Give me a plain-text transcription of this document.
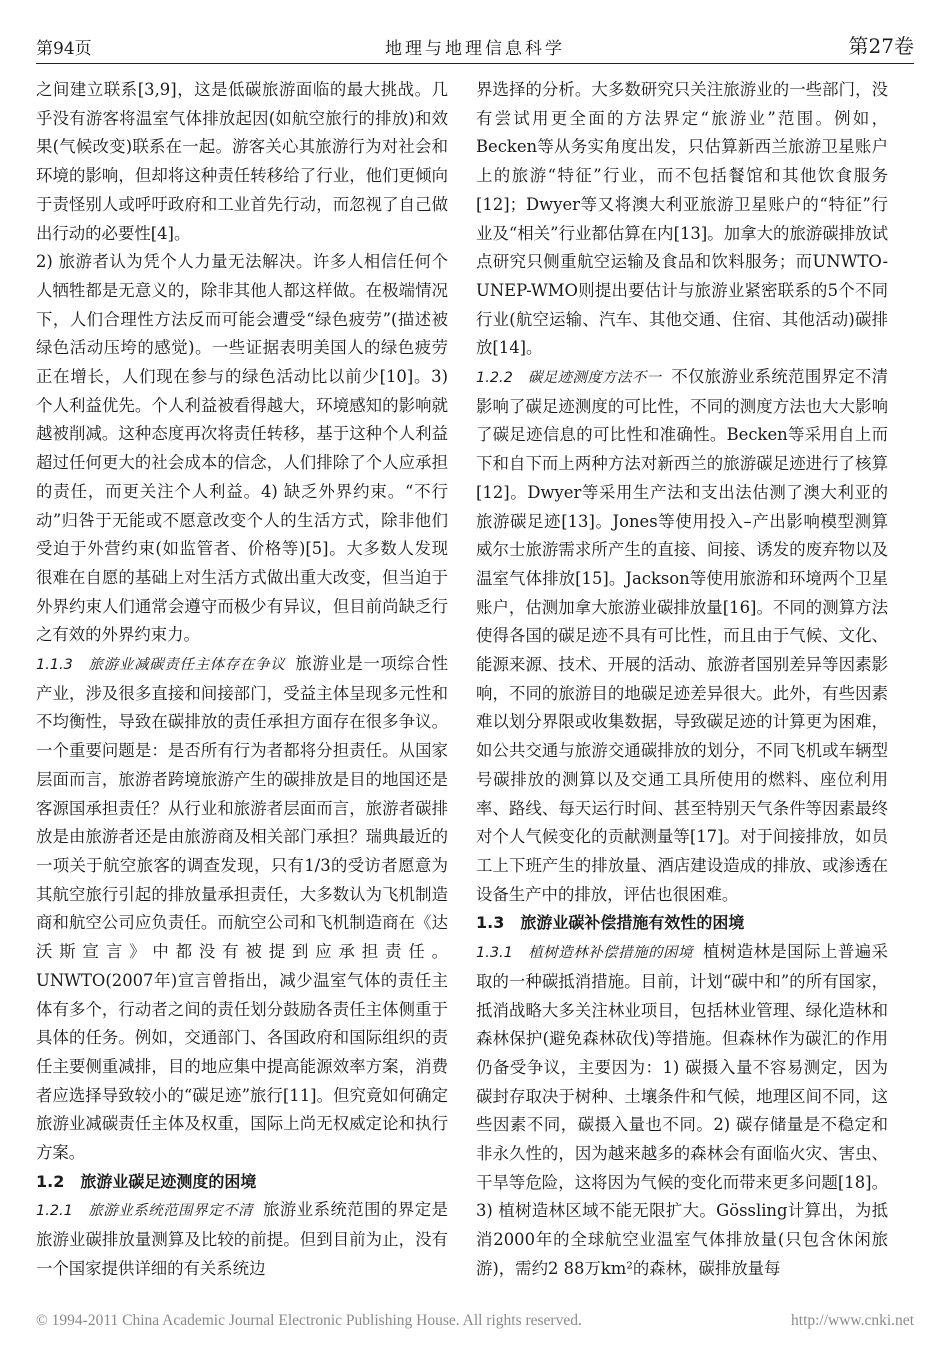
第94页	地理与地理信息科学	第27卷

之间建立联系[3,9]，这是低碳旅游面临的最大挑战。几乎没有游客将温室气体排放起因(如航空旅行的排放)和效果(气候改变)联系在一起。游客关心其旅游行为对社会和环境的影响，但却将这种责任转移给了行业，他们更倾向于责怪别人或呼吁政府和工业首先行动，而忽视了自己做出行动的必要性[4]。

2) 旅游者认为凭个人力量无法解决。许多人相信任何个人牺牲都是无意义的，除非其他人都这样做。在极端情况下，人们合理性方法反而可能会遭受“绿色疲劳”(描述被绿色活动压垮的感觉)。一些证据表明美国人的绿色疲劳正在增长，人们现在参与的绿色活动比以前少[10]。3) 个人利益优先。个人利益被看得越大，环境感知的影响就越被削减。这种态度再次将责任转移，基于这种个人利益超过任何更大的社会成本的信念，人们排除了个人应承担的责任，而更关注个人利益。4) 缺乏外界约束。“不行动”归咎于无能或不愿意改变个人的生活方式，除非他们受迫于外营约束(如监管者、价格等)[5]。大多数人发现很难在自愿的基础上对生活方式做出重大改变，但当迫于外界约束人们通常会遵守而极少有异议，但目前尚缺乏行之有效的外界约束力。

1.1.3　旅游业减碳责任主体存在争议 旅游业是一项综合性产业，涉及很多直接和间接部门，受益主体呈现多元性和不均衡性，导致在碳排放的责任承担方面存在很多争议。一个重要问题是：是否所有行为者都将分担责任。从国家层面而言，旅游者跨境旅游产生的碳排放是目的地国还是客源国承担责任？从行业和旅游者层面而言，旅游者碳排放是由旅游者还是由旅游商及相关部门承担？瑞典最近的一项关于航空旅客的调查发现，只有1/3的受访者愿意为其航空旅行引起的排放量承担责任，大多数认为飞机制造商和航空公司应负责任。而航空公司和飞机制造商在《达沃斯宣言》中都没有被提到应承担责任。UNWTO(2007年)宣言曾指出，减少温室气体的责任主体有多个，行动者之间的责任划分鼓励各责任主体侧重于具体的任务。例如，交通部门、各国政府和国际组织的责任主要侧重减排，目的地应集中提高能源效率方案，消费者应选择导致较小的“碳足迹”旅行[11]。但究竟如何确定旅游业减碳责任主体及权重，国际上尚无权威定论和执行方案。

1.2　旅游业碳足迹测度的困境

1.2.1　旅游业系统范围界定不清 旅游业系统范围的界定是旅游业碳排放量测算及比较的前提。但到目前为止，没有一个国家提供详细的有关系统边

界选择的分析。大多数研究只关注旅游业的一些部门，没有尝试用更全面的方法界定“旅游业”范围。例如，Becken等从务实角度出发，只估算新西兰旅游卫星账户上的旅游“特征”行业，而不包括餐馆和其他饮食服务[12]；Dwyer等又将澳大利亚旅游卫星账户的“特征”行业及“相关”行业都估算在内[13]。加拿大的旅游碳排放试点研究只侧重航空运输及食品和饮料服务；而UNWTO-UNEP-WMO则提出要估计与旅游业紧密联系的5个不同行业(航空运输、汽车、其他交通、住宿、其他活动)碳排放[14]。

1.2.2　碳足迹测度方法不一 不仅旅游业系统范围界定不清影响了碳足迹测度的可比性，不同的测度方法也大大影响了碳足迹信息的可比性和准确性。Becken等采用自上而下和自下而上两种方法对新西兰的旅游碳足迹进行了核算[12]。Dwyer等采用生产法和支出法估测了澳大利亚的旅游碳足迹[13]。Jones等使用投入–产出影响模型测算威尔士旅游需求所产生的直接、间接、诱发的废弃物以及温室气体排放[15]。Jackson等使用旅游和环境两个卫星账户，估测加拿大旅游业碳排放量[16]。不同的测算方法使得各国的碳足迹不具有可比性，而且由于气候、文化、能源来源、技术、开展的活动、旅游者国别差异等因素影响，不同的旅游目的地碳足迹差异很大。此外，有些因素难以划分界限或收集数据，导致碳足迹的计算更为困难，如公共交通与旅游交通碳排放的划分，不同飞机或车辆型号碳排放的测算以及交通工具所使用的燃料、座位利用率、路线、每天运行时间、甚至特别天气条件等因素最终对个人气候变化的贡献测量等[17]。对于间接排放，如员工上下班产生的排放量、酒店建设造成的排放、或渗透在设备生产中的排放，评估也很困难。

1.3　旅游业碳补偿措施有效性的困境

1.3.1　植树造林补偿措施的困境 植树造林是国际上普遍采取的一种碳抵消措施。目前，计划“碳中和”的所有国家，抵消战略大多关注林业项目，包括林业管理、绿化造林和森林保护(避免森林砍伐)等措施。但森林作为碳汇的作用仍备受争议，主要因为：1) 碳摄入量不容易测定，因为碳封存取决于树种、土壤条件和气候，地理区间不同，这些因素不同，碳摄入量也不同。2) 碳存储量是不稳定和非永久性的，因为越来越多的森林会有面临火灾、害虫、干旱等危险，这将因为气候的变化而带来更多问题[18]。3) 植树造林区域不能无限扩大。Gössling计算出，为抵消2000年的全球航空业温室气体排放量(只包含休闲旅游)，需约2 88万km²的森林，碳排放量每

© 1994-2011 China Academic Journal Electronic Publishing House. All rights reserved.	http://www.cnki.net
